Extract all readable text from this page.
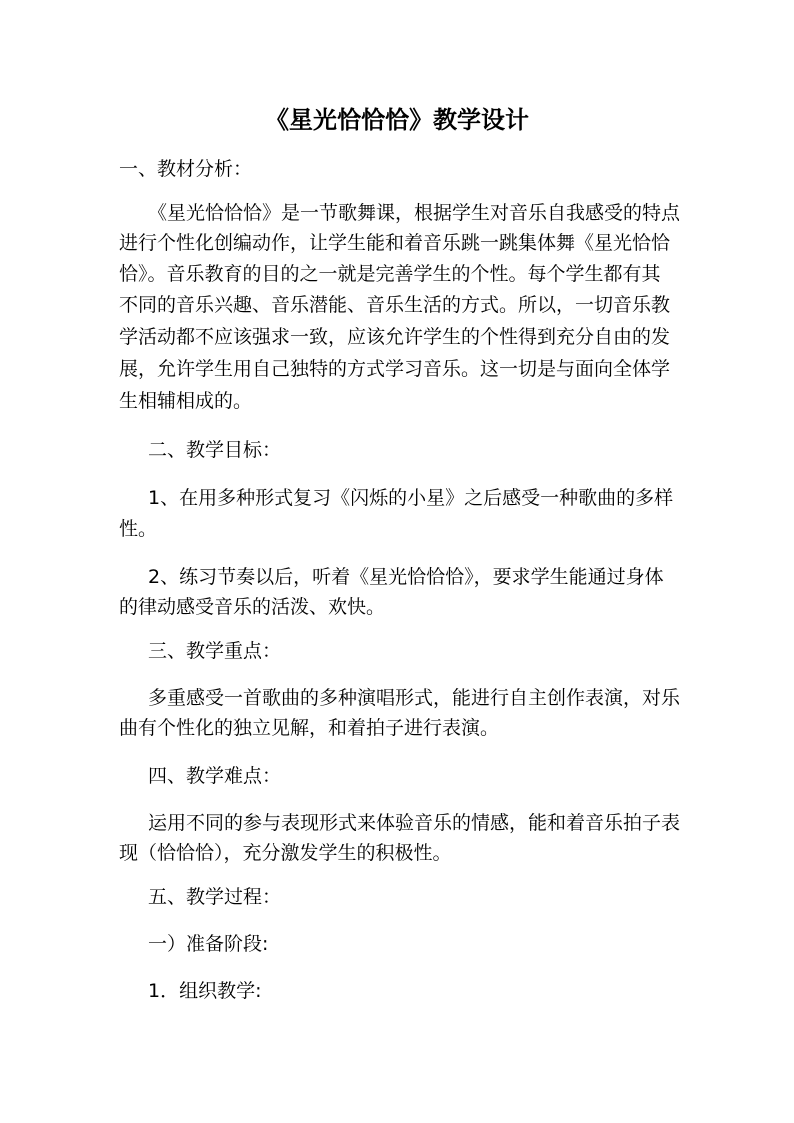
《星光恰恰恰》教学设计
一、教材分析：
《星光恰恰恰》是一节歌舞课，根据学生对音乐自我感受的特点
进行个性化创编动作，让学生能和着音乐跳一跳集体舞《星光恰恰
恰》。音乐教育的目的之一就是完善学生的个性。每个学生都有其
不同的音乐兴趣、音乐潜能、音乐生活的方式。所以，一切音乐教
学活动都不应该强求一致，应该允许学生的个性得到充分自由的发
展，允许学生用自己独特的方式学习音乐。这一切是与面向全体学
生相辅相成的。
二、教学目标：
1、在用多种形式复习《闪烁的小星》之后感受一种歌曲的多样
性。
2、练习节奏以后，听着《星光恰恰恰》，要求学生能通过身体
的律动感受音乐的活泼、欢快。
三、教学重点：
多重感受一首歌曲的多种演唱形式，能进行自主创作表演，对乐
曲有个性化的独立见解，和着拍子进行表演。
四、教学难点：
运用不同的参与表现形式来体验音乐的情感，能和着音乐拍子表
现（恰恰恰），充分激发学生的积极性。
五、教学过程：
一）准备阶段:
1．组织教学:
